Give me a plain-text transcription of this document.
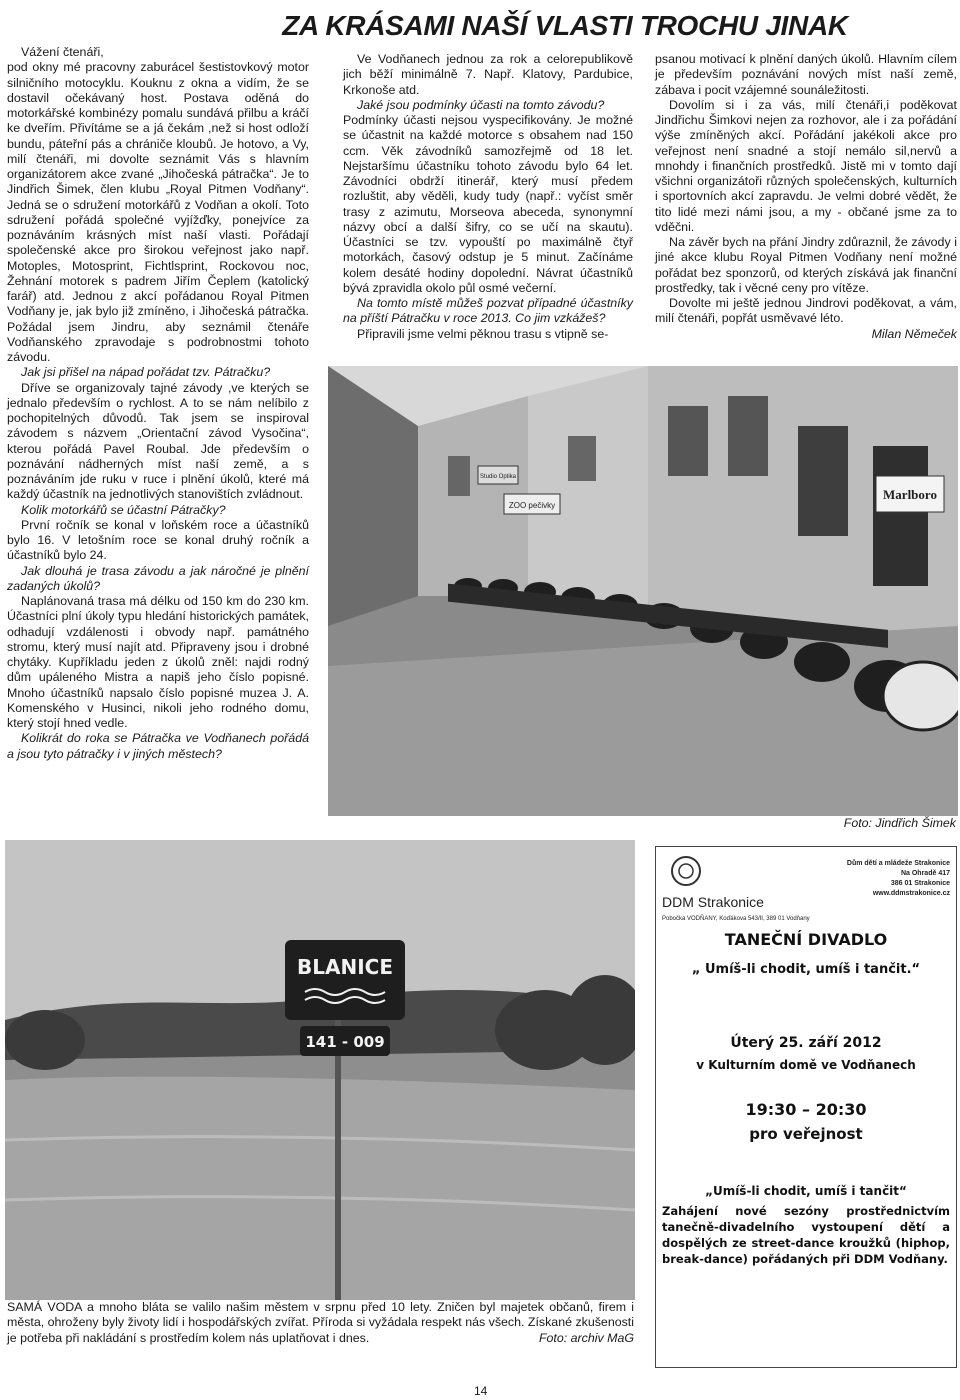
ZA KRÁSAMI NAŠÍ VLASTI TROCHU JINAK

Vážení čtenáři,

pod okny mé pracovny zaburácel šestistovkový motor silničního motocyklu. Kouknu z okna a vidím, že se dostavil očekávaný host. Postava oděná do motorkářské kombinézy pomalu sundává přilbu a kráčí ke dveřím. Přivítáme se a já čekám ,než si host odloží bundu, páteřní pás a chrániče kloubů. Je hotovo, a Vy, milí čtenáři, mi dovolte seznámit Vás s hlavním organizátorem akce zvané „Jihočeská pátračka“. Je to Jindřich Šimek, člen klubu „Royal Pitmen Vodňany“. Jedná se o sdružení motorkářů z Vodňan a okolí. Toto sdružení pořádá společné vyjížďky, ponejvíce za poznáváním krásných míst naší vlasti. Pořádají společenské akce pro širokou veřejnost jako např. Motoples, Motosprint, Fichtlsprint, Rockovou noc, Žehnání motorek s padrem Jiřím Čeplem (katolický farář) atd. Jednou z akcí pořádanou Royal Pitmen Vodňany je, jak bylo již zmíněno, i Jihočeská pátračka. Požádal jsem Jindru, aby seznámil čtenáře Vodňanského zpravodaje s podrobnostmi tohoto závodu.

Jak jsi přišel na nápad pořádat tzv. Pátračku?

Dříve se organizovaly tajné závody ,ve kterých se jednalo především o rychlost. A to se nám nelíbilo z pochopitelných důvodů. Tak jsem se inspiroval závodem s názvem „Orientační závod Vysočina“, kterou pořádá Pavel Roubal. Jde především o poznávání nádherných míst naší země, a s poznáváním jde ruku v ruce i plnění úkolů, které má každý účastník na jednotlivých stanovištích zvládnout.

Kolik motorkářů se účastní Pátračky?

První ročník se konal v loňském roce a účastníků bylo 16. V letošním roce se konal druhý ročník a účastníků bylo 24.

Jak dlouhá je trasa závodu a jak náročné je plnění zadaných úkolů?

Naplánovaná trasa má délku od 150 km do 230 km. Účastníci plní úkoly typu hledání historických památek, odhadují vzdálenosti i obvody např. památného stromu, který musí najít atd. Připraveny jsou i drobné chytáky. Kupříkladu jeden z úkolů zněl: najdi rodný dům upáleného Mistra a napiš jeho číslo popisné. Mnoho účastníků napsalo číslo popisné muzea J. A. Komenského v Husinci, nikoli jeho rodného domu, který stojí hned vedle.

Kolikrát do roka se Pátračka ve Vodňanech pořádá a jsou tyto pátračky i v jiných městech?

Ve Vodňanech jednou za rok a celorepublikově jich běží minimálně 7. Např. Klatovy, Pardubice, Krkonoše atd.

Jaké jsou podmínky účasti na tomto závodu?

Podmínky účasti nejsou vyspecifikovány. Je možné se účastnit na každé motorce s obsahem nad 150 ccm. Věk závodníků samozřejmě od 18 let. Nejstaršímu účastníku tohoto závodu bylo 64 let. Závodníci obdrží itinerář, který musí předem rozluštit, aby věděli, kudy tudy (např.: vyčíst směr trasy z azimutu, Morseova abeceda, synonymní názvy obcí a další šifry, co se učí na skautu). Účastníci se tzv. vypouští po maximálně čtyř motorkách, časový odstup je 5 minut. Začínáme kolem desáté hodiny dopolední. Návrat účastníků bývá zpravidla okolo půl osmé večerní.

Na tomto místě můžeš pozvat případné účastníky na příští Pátračku v roce 2013. Co jim vzkážeš?

Připravili jsme velmi pěknou trasu s vtipně se-

psanou motivací k plnění daných úkolů. Hlavním cílem je především poznávání nových míst naší země, zábava i pocit vzájemné sounáležitosti.

Dovolím si i za vás, milí čtenáři,i poděkovat Jindřichu Šimkovi nejen za rozhovor, ale i za pořádání výše zmíněných akcí. Pořádání jakékoli akce pro veřejnost není snadné a stojí nemálo sil,nervů a mnohdy i finančních prostředků. Jistě mi v tomto dají všichni organizátoři různých společenských, kulturních i sportovních akcí zapravdu. Je velmi dobré vědět, že tito lidé mezi námi jsou, a my - občané jsme za to vděčni.

Na závěr bych na přání Jindry zdůraznil, že závody i jiné akce klubu Royal Pitmen Vodňany není možné pořádat bez sponzorů, od kterých získává jak finanční prostředky, tak i věcné ceny pro vítěze.

Dovolte mi ještě jednou Jindrovi poděkovat, a vám, milí čtenáři, popřát usměvavé léto.

Milan Němeček

Marlboro
ZOO pečivky
Studio Optika
Foto: Jindřich Šimek
BLANICE
141 - 009
DDM Strakonice
Pobočka VODŇANY, Koďákova 543/II, 389 01 Vodňany
Dům dětí a mládeže Strakonice
Na Ohradě 417
386 01 Strakonice
www.ddmstrakonice.cz
TANEČNÍ DIVADLO
„ Umíš-li chodit, umíš i tančit.“
Úterý 25. září 2012
v Kulturním domě ve Vodňanech
19:30 – 20:30
pro veřejnost
„Umíš-li chodit, umíš i tančit“
Zahájení nové sezóny prostřednictvím tanečně-divadelního vystoupení dětí a dospělých ze street-dance kroužků (hiphop, break-dance) pořádaných při DDM Vodňany.
SAMÁ VODA a mnoho bláta se valilo našim městem v srpnu před 10 lety. Zničen byl majetek občanů, firem i města, ohroženy byly životy lidí i hospodářských zvířat. Příroda si vyžádala respekt nás všech. Získané zkušenosti je potřeba při nakládání s prostředím kolem nás uplatňovat i dnes.	Foto: archiv MaG
14
